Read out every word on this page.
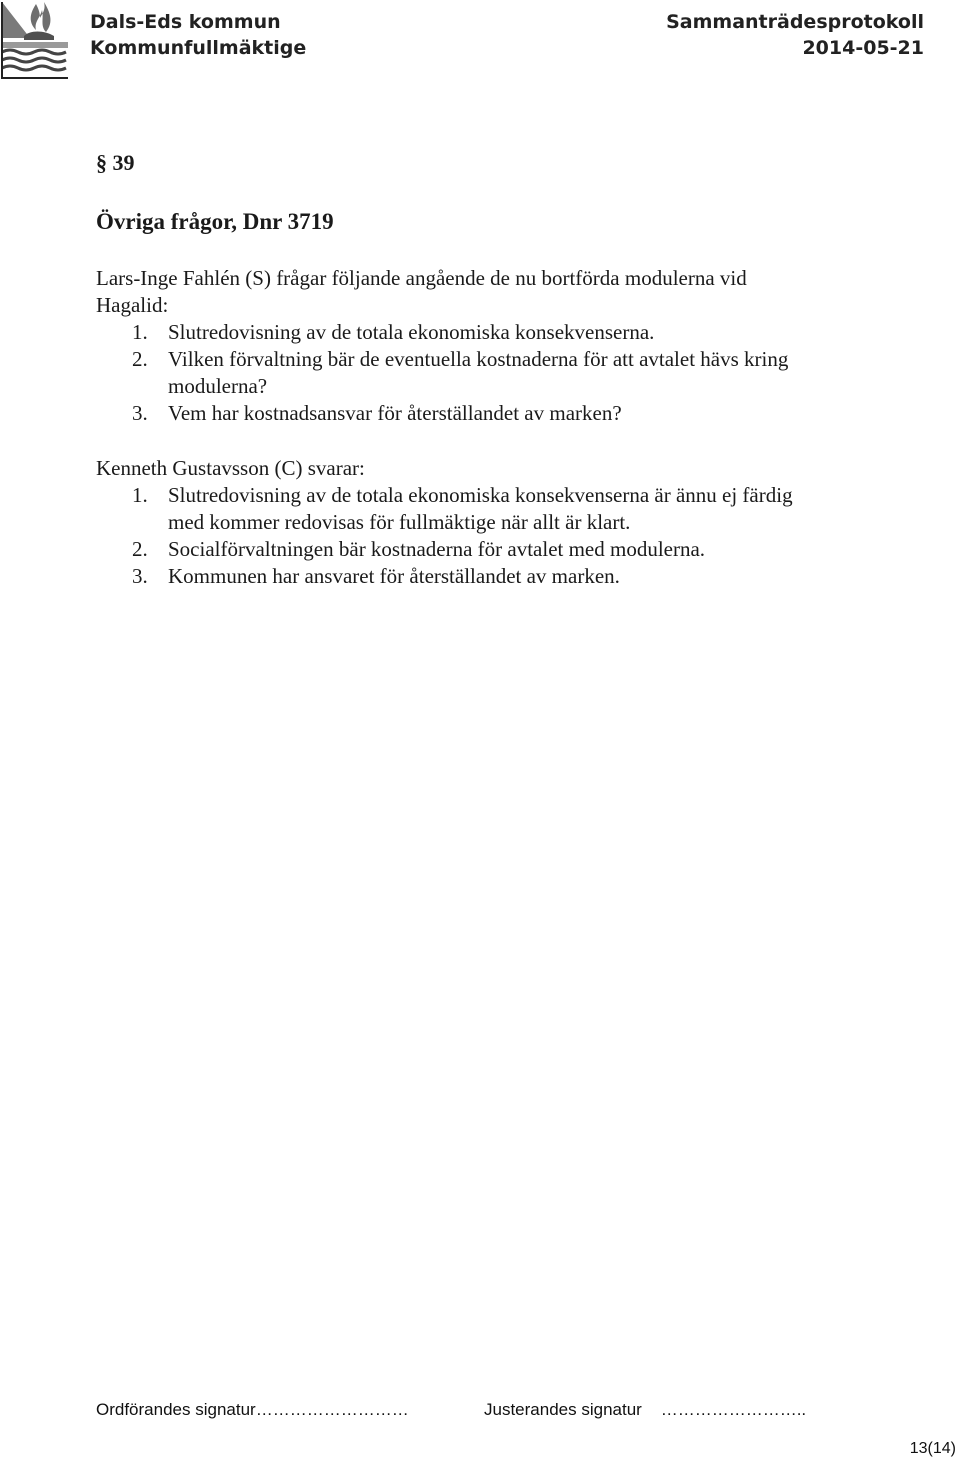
Dals-Eds kommun
Kommunfullmäktige
Sammanträdesprotokoll
2014-05-21
§ 39
Övriga frågor, Dnr 3719
Lars-Inge Fahlén (S) frågar följande angående de nu bortförda modulerna vid
Hagalid:
1. Slutredovisning av de totala ekonomiska konsekvenserna.
2. Vilken förvaltning bär de eventuella kostnaderna för att avtalet hävs kring
modulerna?
3. Vem har kostnadsansvar för återställandet av marken?
Kenneth Gustavsson (C) svarar:
1. Slutredovisning av de totala ekonomiska konsekvenserna är ännu ej färdig
med kommer redovisas för fullmäktige när allt är klart.
2. Socialförvaltningen bär kostnaderna för avtalet med modulerna.
3. Kommunen har ansvaret för återställandet av marken.
Ordförandes signatur………………………	Justerandes signatur    ……………………..
13(14)
